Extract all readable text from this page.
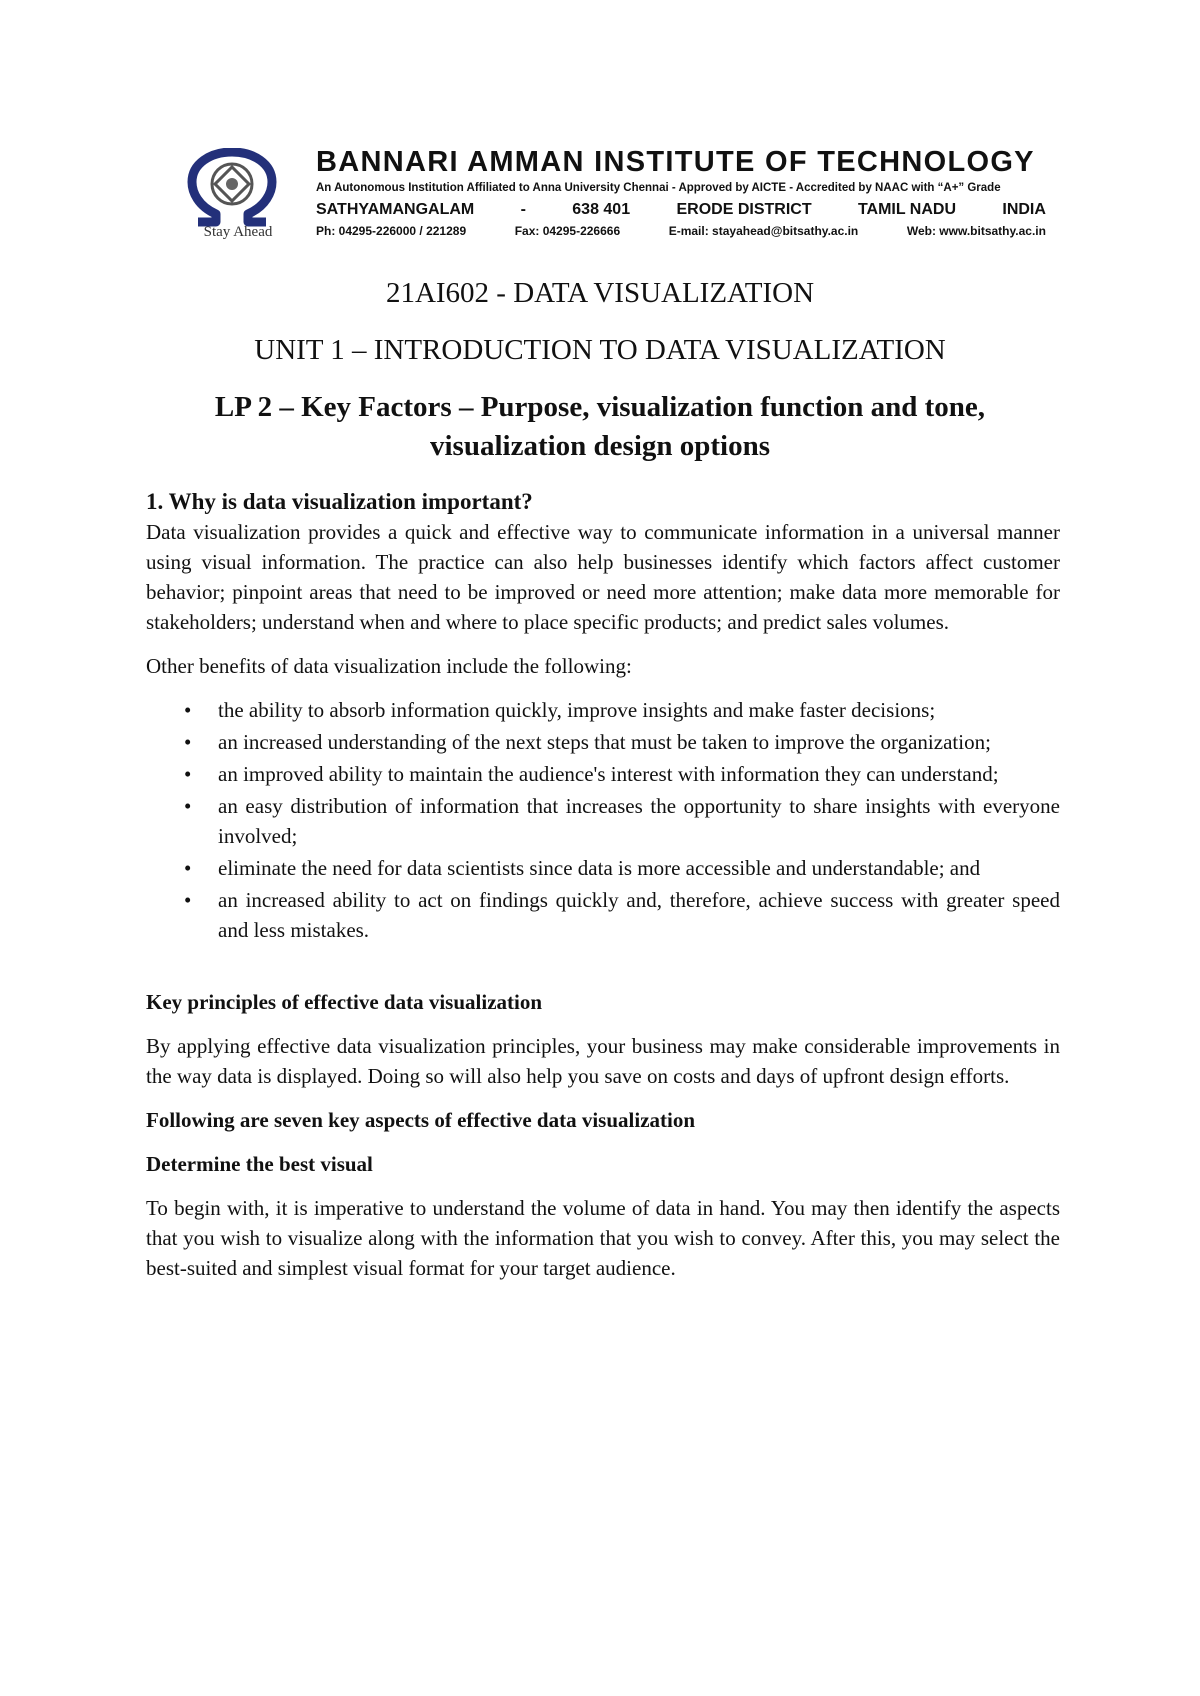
Stay Ahead
BANNARI AMMAN INSTITUTE OF TECHNOLOGY
An Autonomous Institution Affiliated to Anna University Chennai - Approved by AICTE - Accredited by NAAC with “A+” Grade
SATHYAMANGALAM	-	638 401	ERODE DISTRICT	TAMIL NADU	INDIA
Ph: 04295-226000 / 221289	Fax: 04295-226666	E-mail: stayahead@bitsathy.ac.in	Web: www.bitsathy.ac.in
21AI602 - DATA VISUALIZATION
UNIT 1 – INTRODUCTION TO DATA VISUALIZATION
LP 2 – Key Factors – Purpose, visualization function and tone, visualization design options

1. Why is data visualization important?

Data visualization provides a quick and effective way to communicate information in a universal manner using visual information. The practice can also help businesses identify which factors affect customer behavior; pinpoint areas that need to be improved or need more attention; make data more memorable for stakeholders; understand when and where to place specific products; and predict sales volumes.

Other benefits of data visualization include the following:

• the ability to absorb information quickly, improve insights and make faster decisions;
• an increased understanding of the next steps that must be taken to improve the organization;
• an improved ability to maintain the audience's interest with information they can understand;
• an easy distribution of information that increases the opportunity to share insights with everyone involved;
• eliminate the need for data scientists since data is more accessible and understandable; and
• an increased ability to act on findings quickly and, therefore, achieve success with greater speed and less mistakes.

Key principles of effective data visualization

By applying effective data visualization principles, your business may make considerable improvements in the way data is displayed. Doing so will also help you save on costs and days of upfront design efforts.

Following are seven key aspects of effective data visualization

Determine the best visual

To begin with, it is imperative to understand the volume of data in hand. You may then identify the aspects that you wish to visualize along with the information that you wish to convey. After this, you may select the best-suited and simplest visual format for your target audience.
